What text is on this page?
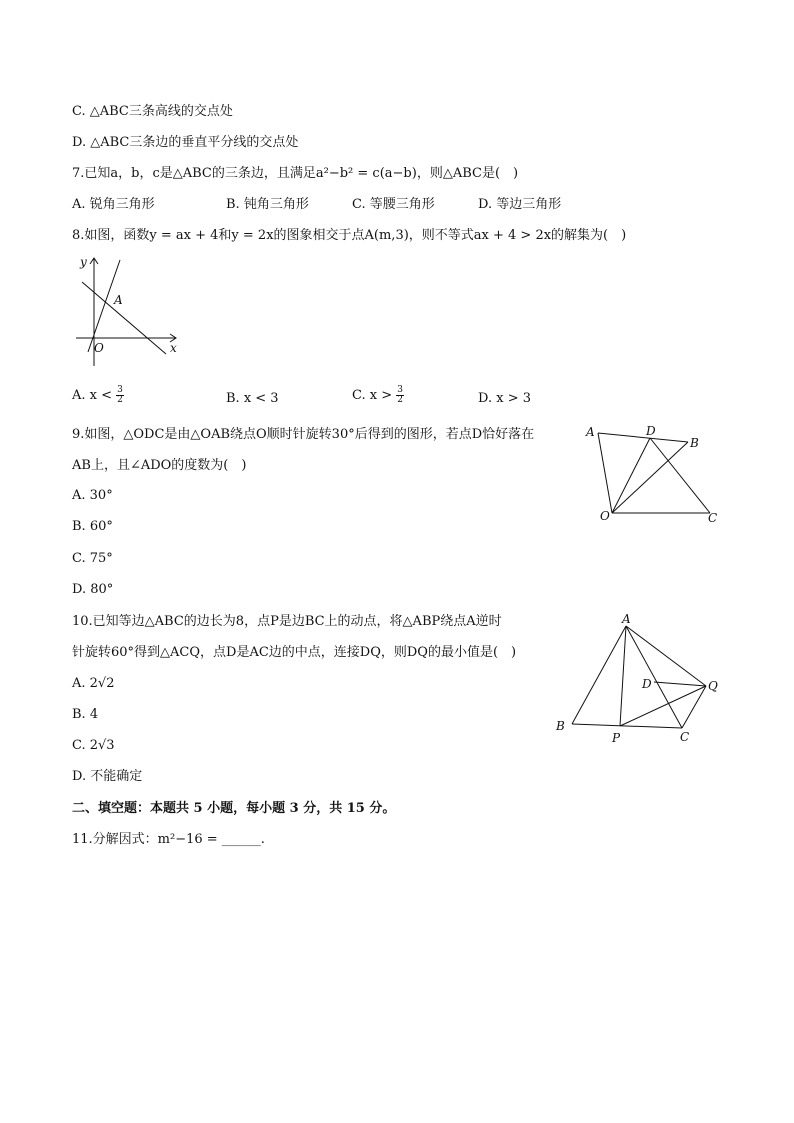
C. △ABC三条高线的交点处
D. △ABC三条边的垂直平分线的交点处
7.已知a，b，c是△ABC的三条边，且满足a²−b² = c(a−b)，则△ABC是(　)
A. 锐角三角形	B. 钝角三角形	C. 等腰三角形	D. 等边三角形
8.如图，函数y = ax + 4和y = 2x的图象相交于点A(m,3)，则不等式ax + 4 > 2x的解集为(　)
y
x
O
A
A. $x < \frac{3}{2}$	B. x < 3	C. $x > \frac{3}{2}$	D. x > 3
9.如图，△ODC是由△OAB绕点O顺时针旋转30°后得到的图形，若点D恰好落在
AB上，且∠ADO的度数为(　)
A. 30°
B. 60°
C. 75°
D. 80°
A	D
B
O	C
10.已知等边△ABC的边长为8，点P是边BC上的动点，将△ABP绕点A逆时
针旋转60°得到△ACQ，点D是AC边的中点，连接DQ，则DQ的最小值是(　)
A. 2√2
B. 4
C. 2√3
D. 不能确定
A
D	Q
B
P	C
二、填空题：本题共 5 小题，每小题 3 分，共 15 分。
11.分解因式：m²−16 = ______.
